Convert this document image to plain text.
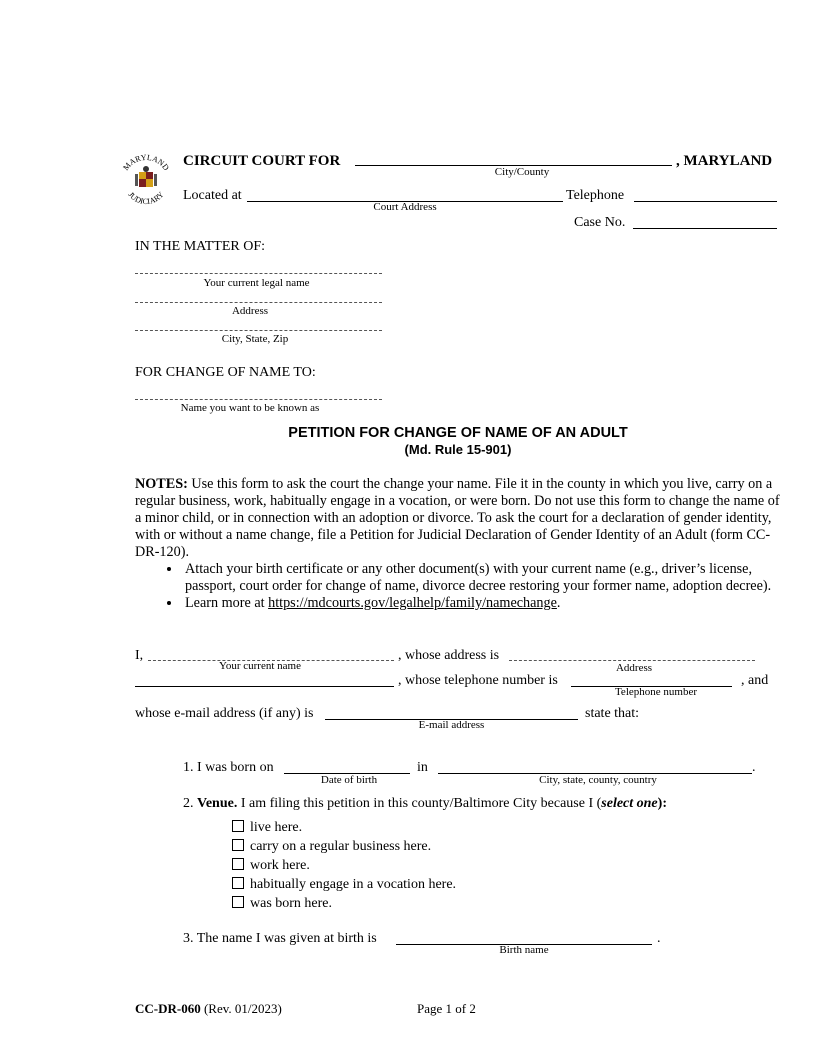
MARYLAND
JUDICIARY
CIRCUIT COURT FOR
City/County
, MARYLAND
Located at
Court Address
Telephone
Case No.
IN THE MATTER OF:
Your current legal name
Address
City, State, Zip
FOR CHANGE OF NAME TO:
Name you want to be known as
PETITION FOR CHANGE OF NAME OF AN ADULT
(Md. Rule 15-901)
NOTES: Use this form to ask the court the change your name. File it in the county in which you live, carry on a regular business, work, habitually engage in a vocation, or were born. Do not use this form to change the name of a minor child, or in connection with an adoption or divorce. To ask the court for a declaration of gender identity, with or without a name change, file a Petition for Judicial Declaration of Gender Identity of an Adult (form CC-DR-120).
• Attach your birth certificate or any other document(s) with your current name (e.g., driver’s license, passport, court order for change of name, divorce decree restoring your former name, adoption decree).
• Learn more at https://mdcourts.gov/legalhelp/family/namechange.
I,
Your current name
, whose address is
Address
, whose telephone number is
Telephone number
, and
whose e-mail address (if any) is
E-mail address
state that:
1. I was born on
Date of birth
in
City, state, county, country
.
2. Venue. I am filing this petition in this county/Baltimore City because I (select one):
live here.
carry on a regular business here.
work here.
habitually engage in a vocation here.
was born here.
3. The name I was given at birth is
Birth name
.
CC-DR-060 (Rev. 01/2023)	Page 1 of 2
